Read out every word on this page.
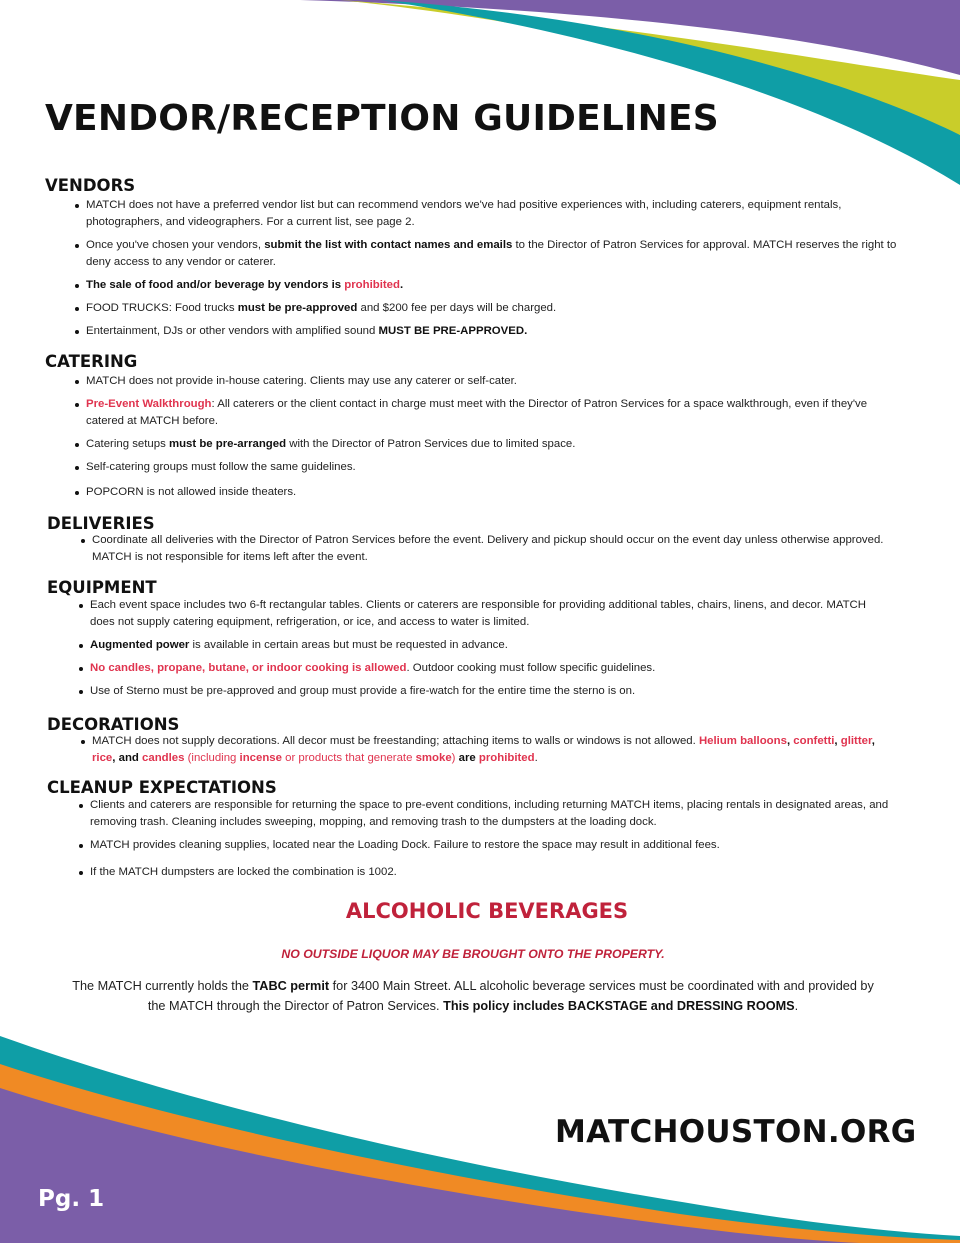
VENDOR/RECEPTION GUIDELINES
VENDORS
MATCH does not have a preferred vendor list but can recommend vendors we've had positive experiences with, including caterers, equipment rentals, photographers, and videographers. For a current list, see page 2.
Once you've chosen your vendors, submit the list with contact names and emails to the Director of Patron Services for approval. MATCH reserves the right to deny access to any vendor or caterer.
The sale of food and/or beverage by vendors is prohibited.
FOOD TRUCKS: Food trucks must be pre-approved and $200 fee per days will be charged.
Entertainment, DJs or other vendors with amplified sound MUST BE PRE-APPROVED.
CATERING
MATCH does not provide in-house catering. Clients may use any caterer or self-cater.
Pre-Event Walkthrough: All caterers or the client contact in charge must meet with the Director of Patron Services for a space walkthrough, even if they've catered at MATCH before.
Catering setups must be pre-arranged with the Director of Patron Services due to limited space.
Self-catering groups must follow the same guidelines.
POPCORN is not allowed inside theaters.
DELIVERIES
Coordinate all deliveries with the Director of Patron Services before the event. Delivery and pickup should occur on the event day unless otherwise approved. MATCH is not responsible for items left after the event.
EQUIPMENT
Each event space includes two 6-ft rectangular tables. Clients or caterers are responsible for providing additional tables, chairs, linens, and decor. MATCH does not supply catering equipment, refrigeration, or ice, and access to water is limited.
Augmented power is available in certain areas but must be requested in advance.
No candles, propane, butane, or indoor cooking is allowed. Outdoor cooking must follow specific guidelines.
Use of Sterno must be pre-approved and group must provide a fire-watch for the entire time the sterno is on.
DECORATIONS
MATCH does not supply decorations. All decor must be freestanding; attaching items to walls or windows is not allowed. Helium balloons, confetti, glitter, rice, and candles (including incense or products that generate smoke) are prohibited.
CLEANUP EXPECTATIONS
Clients and caterers are responsible for returning the space to pre-event conditions, including returning MATCH items, placing rentals in designated areas, and removing trash. Cleaning includes sweeping, mopping, and removing trash to the dumpsters at the loading dock.
MATCH provides cleaning supplies, located near the Loading Dock. Failure to restore the space may result in additional fees.
If the MATCH dumpsters are locked the combination is 1002.
ALCOHOLIC BEVERAGES
NO OUTSIDE LIQUOR MAY BE BROUGHT ONTO THE PROPERTY.
The MATCH currently holds the TABC permit for 3400 Main Street. ALL alcoholic beverage services must be coordinated with and provided by the MATCH through the Director of Patron Services. This policy includes BACKSTAGE and DRESSING ROOMS.
MATCHOUSTON.ORG
Pg. 1
